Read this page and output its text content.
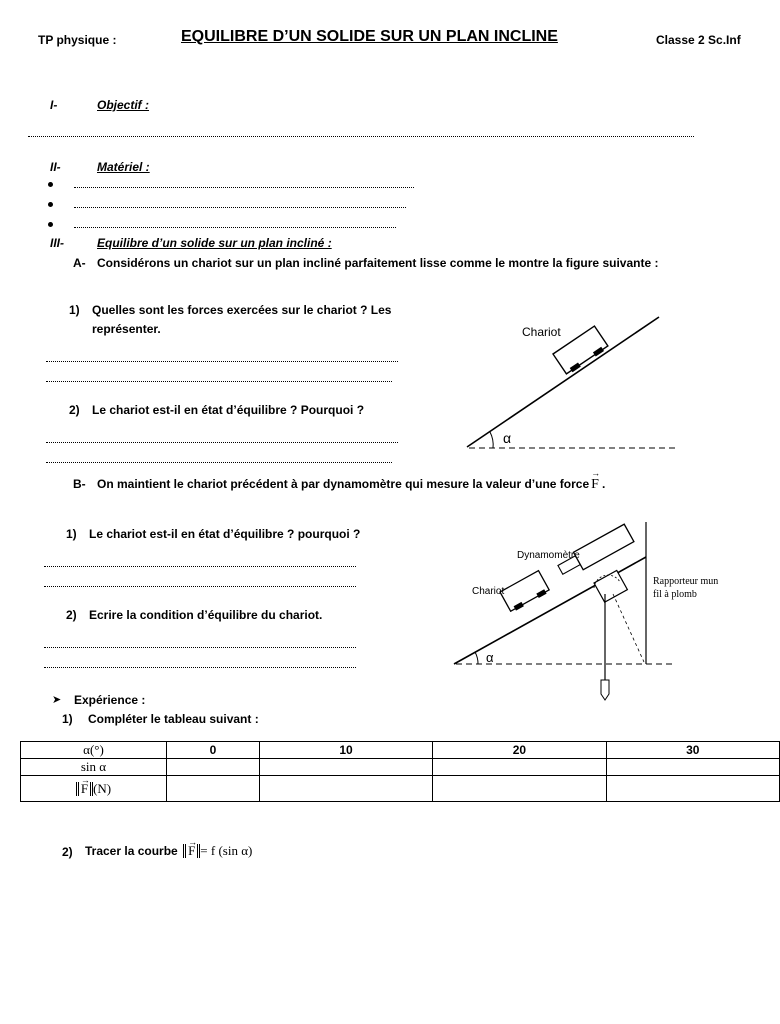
TP physique :	EQUILIBRE D’UN SOLIDE SUR UN PLAN INCLINE	Classe 2 Sc.Inf
I-	Objectif :
II-	Matériel :
III-	Equilibre d’un solide sur un plan incliné :
A- Considérons un chariot sur un plan incliné parfaitement lisse comme le montre la figure suivante :
1) Quelles sont les forces exercées sur le chariot ? Les
représenter.
2) Le chariot est-il en état d’équilibre ? Pourquoi ?
α
Chariot
B- On maintient le chariot précédent à par dynamomètre qui mesure la valeur d’une force → F .
1) Le chariot est-il en état d’équilibre ? pourquoi ?
2) Ecrire la condition d’équilibre du chariot.
α
Dynamomètre
Chariot
Rapporteur mun
fil à plomb
➤ Expérience :
1) Compléter le tableau suivant :
α(°)	0	10	20	30
sin α				
→ F (N)				
2) Tracer la courbe → F = f (sin α)
